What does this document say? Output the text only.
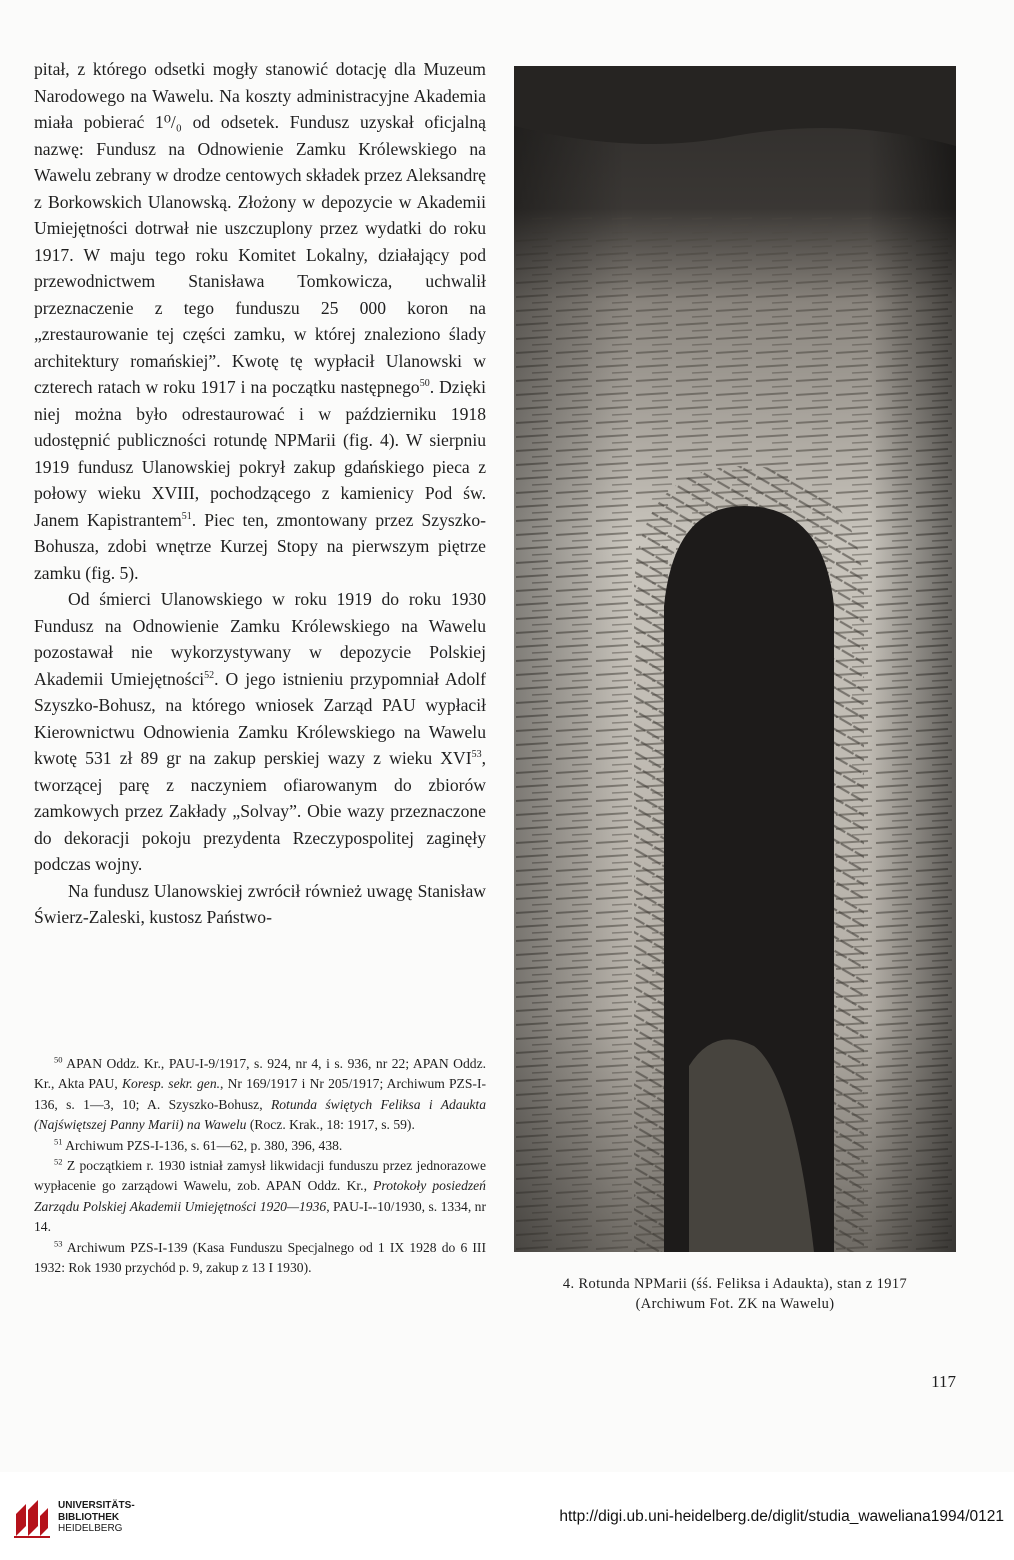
pitał, z którego odsetki mogły stanowić dotację dla Muzeum Narodowego na Wawelu. Na koszty administracyjne Akademia miała pobierać 1⁰/₀ od odsetek. Fundusz uzyskał oficjalną nazwę: Fundusz na Odnowienie Zamku Królewskiego na Wawelu zebrany w drodze centowych składek przez Aleksandrę z Borkowskich Ulanowską. Złożony w depozycie w Akademii Umiejętności dotrwał nie uszczuplony przez wydatki do roku 1917. W maju tego roku Komitet Lokalny, działający pod przewodnictwem Stanisława Tomkowicza, uchwalił przeznaczenie z tego funduszu 25 000 koron na „zrestaurowanie tej części zamku, w której znaleziono ślady architektury romańskiej”. Kwotę tę wypłacił Ulanowski w czterech ratach w roku 1917 i na początku następnego$^{50}$. Dzięki niej można było odrestaurować i w październiku 1918 udostępnić publiczności rotundę NPMarii (fig. 4). W sierpniu 1919 fundusz Ulanowskiej pokrył zakup gdańskiego pieca z połowy wieku XVIII, pochodzącego z kamienicy Pod św. Janem Kapistrantem$^{51}$. Piec ten, zmontowany przez Szyszko-Bohusza, zdobi wnętrze Kurzej Stopy na pierwszym piętrze zamku (fig. 5).

Od śmierci Ulanowskiego w roku 1919 do roku 1930 Fundusz na Odnowienie Zamku Królewskiego na Wawelu pozostawał nie wykorzystywany w depozycie Polskiej Akademii Umiejętności$^{52}$. O jego istnieniu przypomniał Adolf Szyszko-Bohusz, na którego wniosek Zarząd PAU wypłacił Kierownictwu Odnowienia Zamku Królewskiego na Wawelu kwotę 531 zł 89 gr na zakup perskiej wazy z wieku XVI$^{53}$, tworzącej parę z naczyniem ofiarowanym do zbiorów zamkowych przez Zakłady „Solvay”. Obie wazy przeznaczone do dekoracji pokoju prezydenta Rzeczypospolitej zaginęły podczas wojny.

Na fundusz Ulanowskiej zwrócił również uwagę Stanisław Świerz-Zaleski, kustosz Państwo-

$^{50}$ APAN Oddz. Kr., PAU-I-9/1917, s. 924, nr 4, i s. 936, nr 22; APAN Oddz. Kr., Akta PAU, Koresp. sekr. gen., Nr 169/1917 i Nr 205/1917; Archiwum PZS-I-136, s. 1—3, 10; A. Szyszko-Bohusz, Rotunda świętych Feliksa i Adaukta (Najświętszej Panny Marii) na Wawelu (Rocz. Krak., 18: 1917, s. 59).

$^{51}$ Archiwum PZS-I-136, s. 61—62, p. 380, 396, 438.

$^{52}$ Z początkiem r. 1930 istniał zamysł likwidacji funduszu przez jednorazowe wypłacenie go zarządowi Wawelu, zob. APAN Oddz. Kr., Protokoły posiedzeń Zarządu Polskiej Akademii Umiejętności 1920—1936, PAU-I--10/1930, s. 1334, nr 14.

$^{53}$ Archiwum PZS-I-139 (Kasa Funduszu Specjalnego od 1 IX 1928 do 6 III 1932: Rok 1930 przychód p. 9, zakup z 13 I 1930).

4. Rotunda NPMarii (śś. Feliksa i Adaukta), stan z 1917
(Archiwum Fot. ZK na Wawelu)
117
UNIVERSITÄTS-
BIBLIOTHEK
HEIDELBERG
http://digi.ub.uni-heidelberg.de/diglit/studia_waweliana1994/0121
